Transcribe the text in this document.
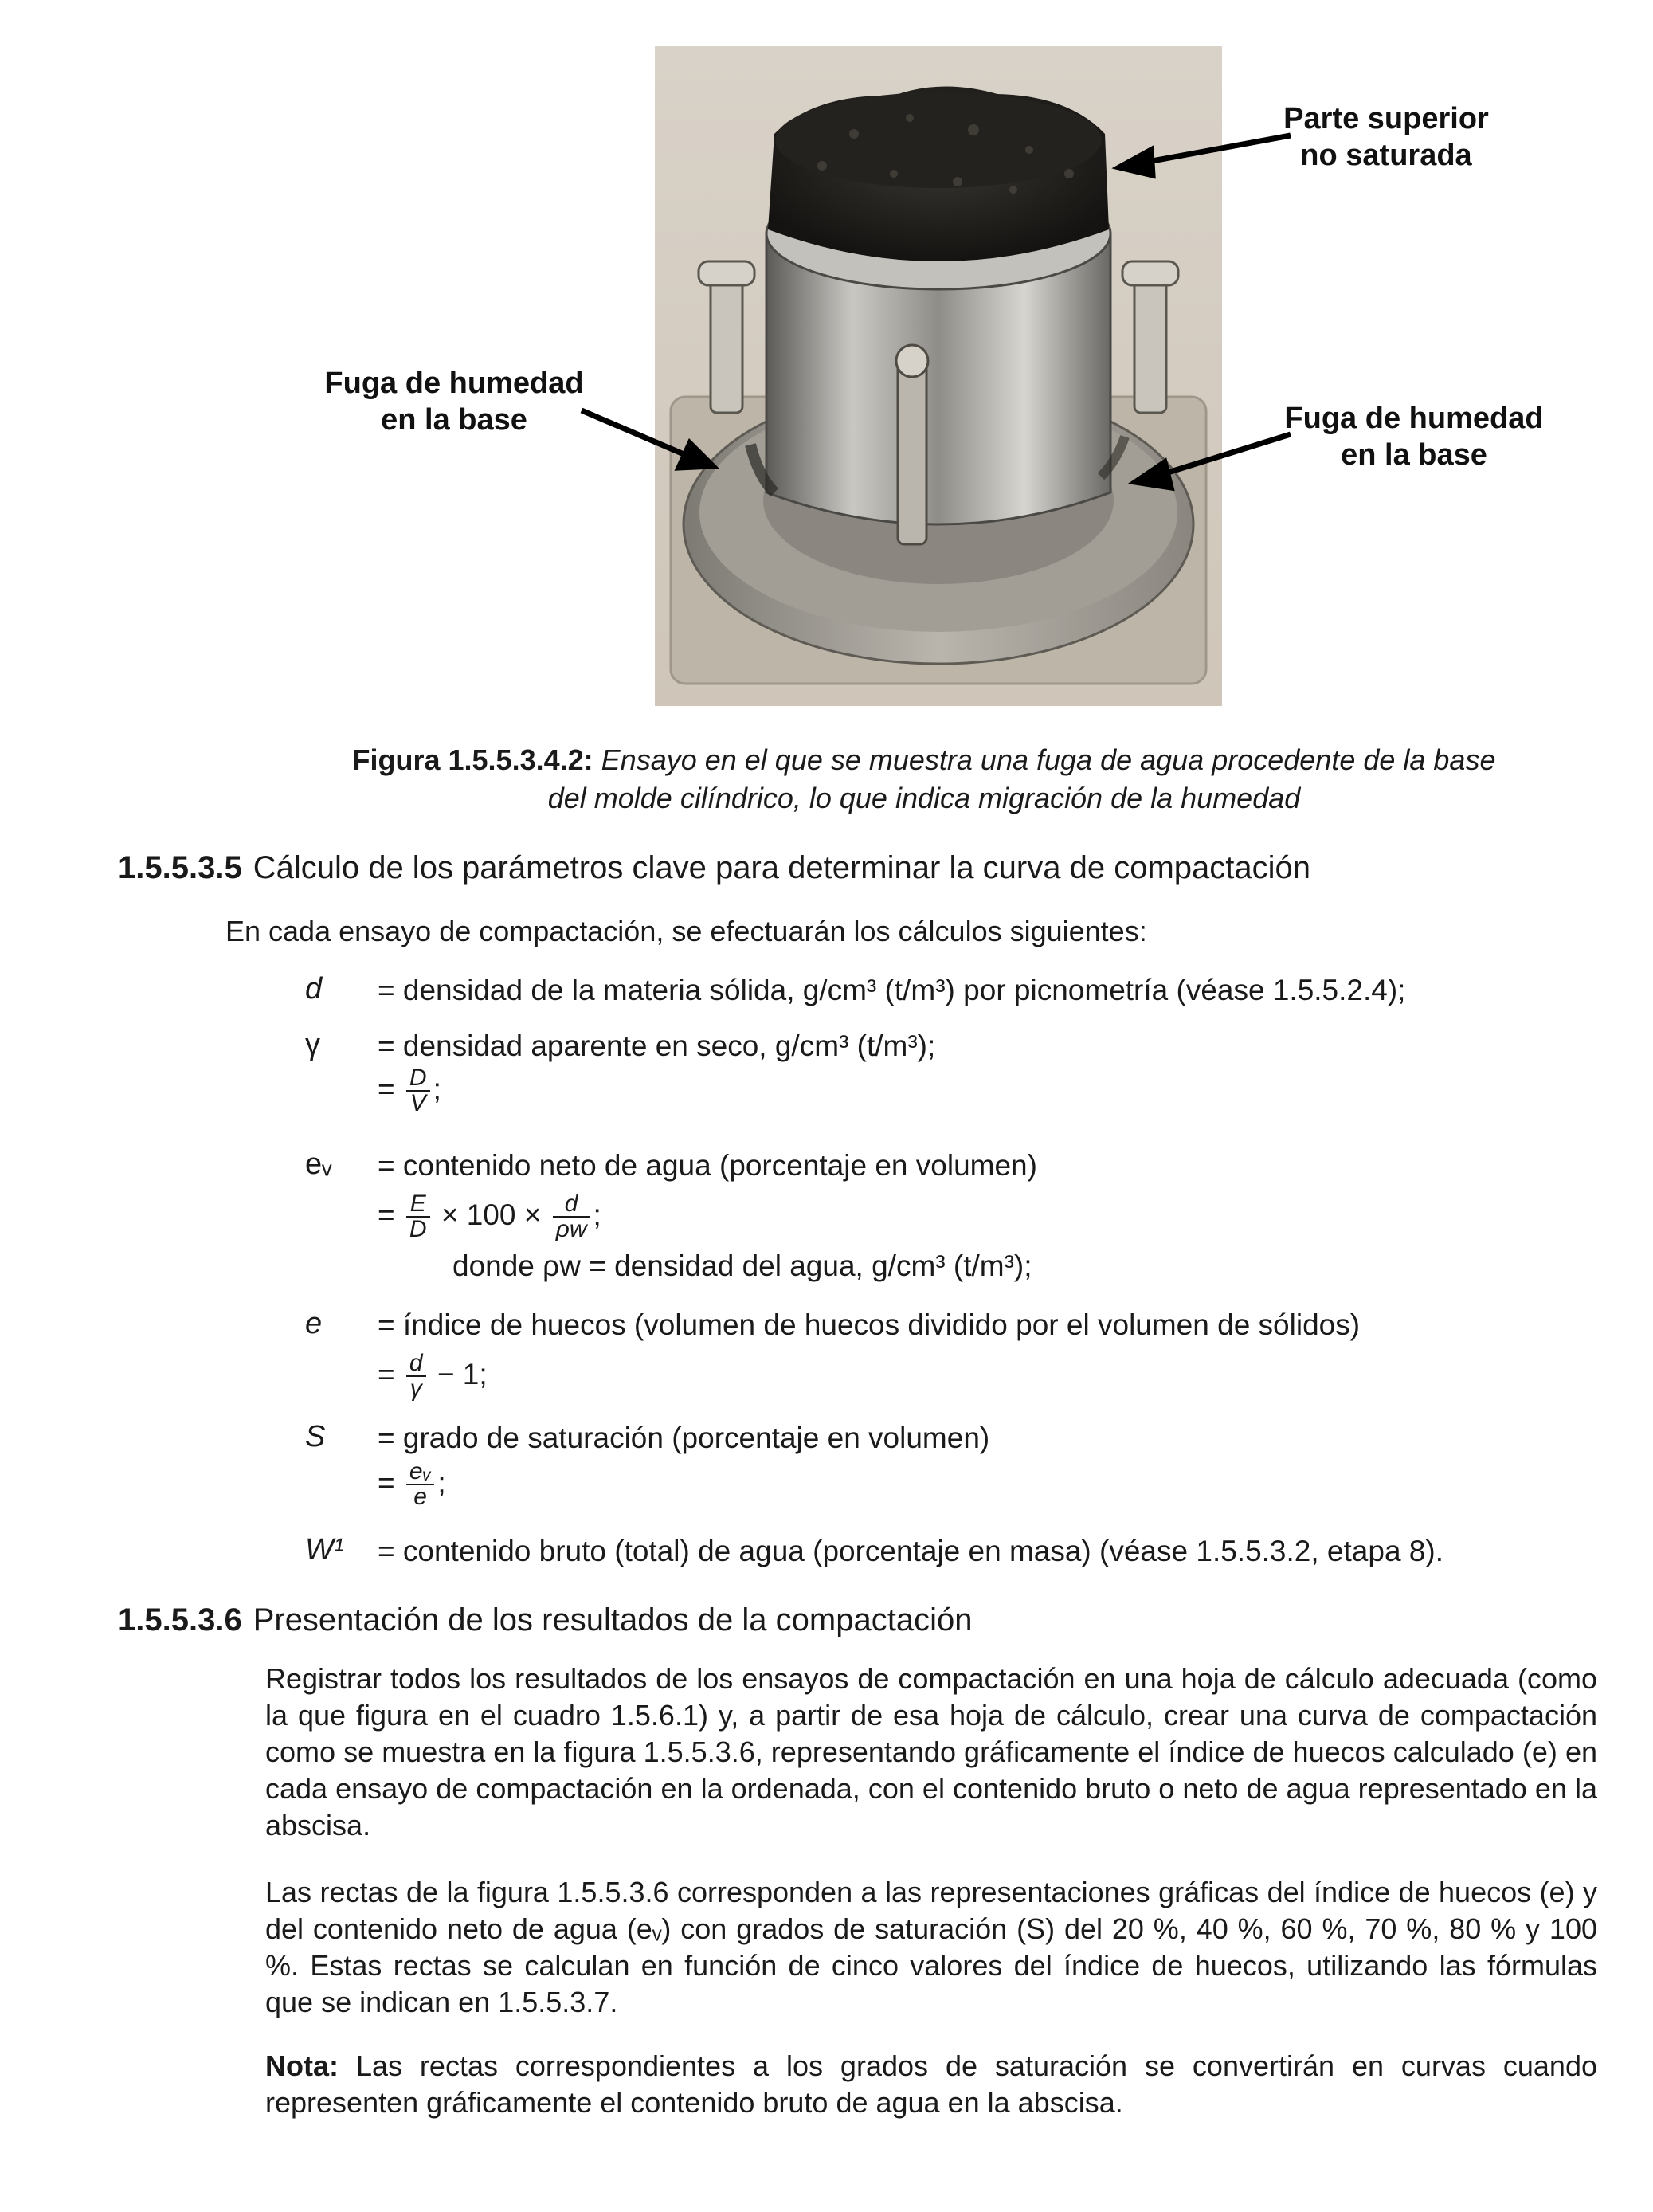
Parte superior
no saturada
Fuga de humedad
en la base	Fuga de humedad
en la base
Figura 1.5.5.3.4.2: Ensayo en el que se muestra una fuga de agua procedente de la base
del molde cilíndrico, lo que indica migración de la humedad
1.5.5.3.5 Cálculo de los parámetros clave para determinar la curva de compactación
En cada ensayo de compactación, se efectuarán los cálculos siguientes:
d	= densidad de la materia sólida, g/cm³ (t/m³) por picnometría (véase 1.5.5.2.4);
γ	= densidad aparente en seco, g/cm³ (t/m³);
= $\frac{D}{V}$ ;
eᵥ	= contenido neto de agua (porcentaje en volumen)
= $\frac{E}{D} \times 100 \times \frac{d}{\rho w}$ ;
donde ρw = densidad del agua, g/cm³ (t/m³);
e	= índice de huecos (volumen de huecos dividido por el volumen de sólidos)
= $\frac{d}{\gamma} - 1$;
S	= grado de saturación (porcentaje en volumen)
= $\frac{\text{eᵥ}}{e}$ ;
W¹	= contenido bruto (total) de agua (porcentaje en masa) (véase 1.5.5.3.2, etapa 8).
1.5.5.3.6 Presentación de los resultados de la compactación
Registrar todos los resultados de los ensayos de compactación en una hoja de cálculo adecuada (como la que figura en el cuadro 1.5.6.1) y, a partir de esa hoja de cálculo, crear una curva de compactación como se muestra en la figura 1.5.5.3.6, representando gráficamente el índice de huecos calculado (e) en cada ensayo de compactación en la ordenada, con el contenido bruto o neto de agua representado en la abscisa.
Las rectas de la figura 1.5.5.3.6 corresponden a las representaciones gráficas del índice de huecos (e) y del contenido neto de agua (eᵥ) con grados de saturación (S) del 20 %, 40 %, 60 %, 70 %, 80 % y 100 %. Estas rectas se calculan en función de cinco valores del índice de huecos, utilizando las fórmulas que se indican en 1.5.5.3.7.
Nota: Las rectas correspondientes a los grados de saturación se convertirán en curvas cuando representen gráficamente el contenido bruto de agua en la abscisa.
